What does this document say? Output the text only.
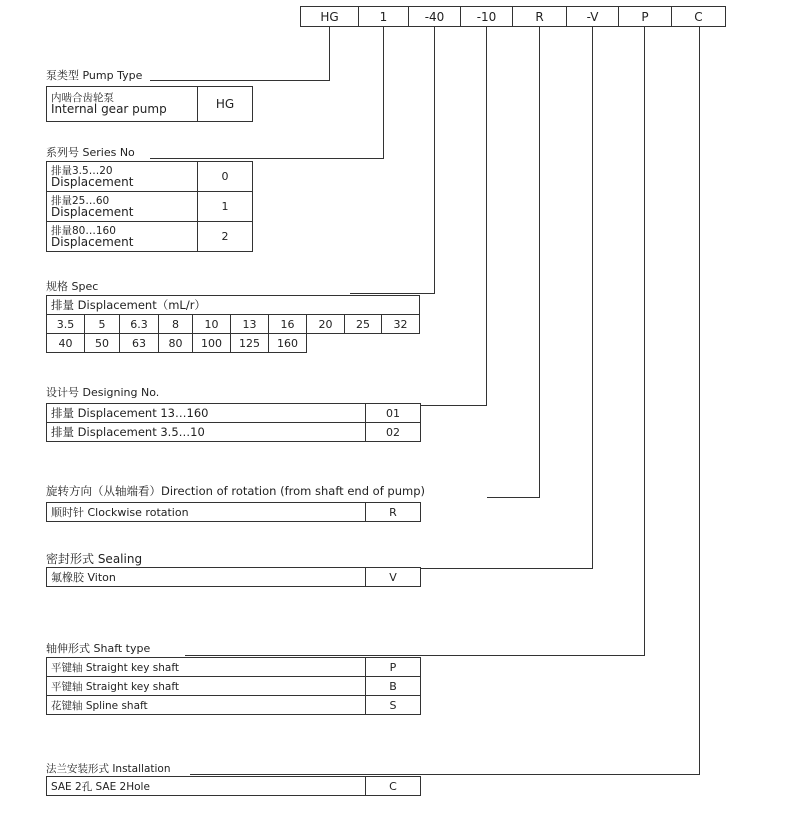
HG	1	-40	-10	R	-V	P	C
泵类型 Pump Type
内啮合齿轮泵
Internal gear pump	HG
系列号 Series No
排量3.5…20
Displacement	0
排量25…60
Displacement	1
排量80…160
Displacement	2
规格 Spec
排量 Displacement（mL/r）
3.5	5	6.3	8	10	13	16	20	25	32
40	50	63	80	100	125	160
设计号 Designing No.
排量 Displacement 13…160	01
排量 Displacement 3.5…10	02
旋转方向（从轴端看）Direction of rotation (from shaft end of pump)
顺时针 Clockwise rotation	R
密封形式 Sealing
氟橡胶 Viton	V
轴伸形式 Shaft type
平键轴 Straight key shaft	P
平键轴 Straight key shaft	B
花键轴 Spline shaft	S
法兰安装形式 Installation
SAE 2孔 SAE 2Hole	C
